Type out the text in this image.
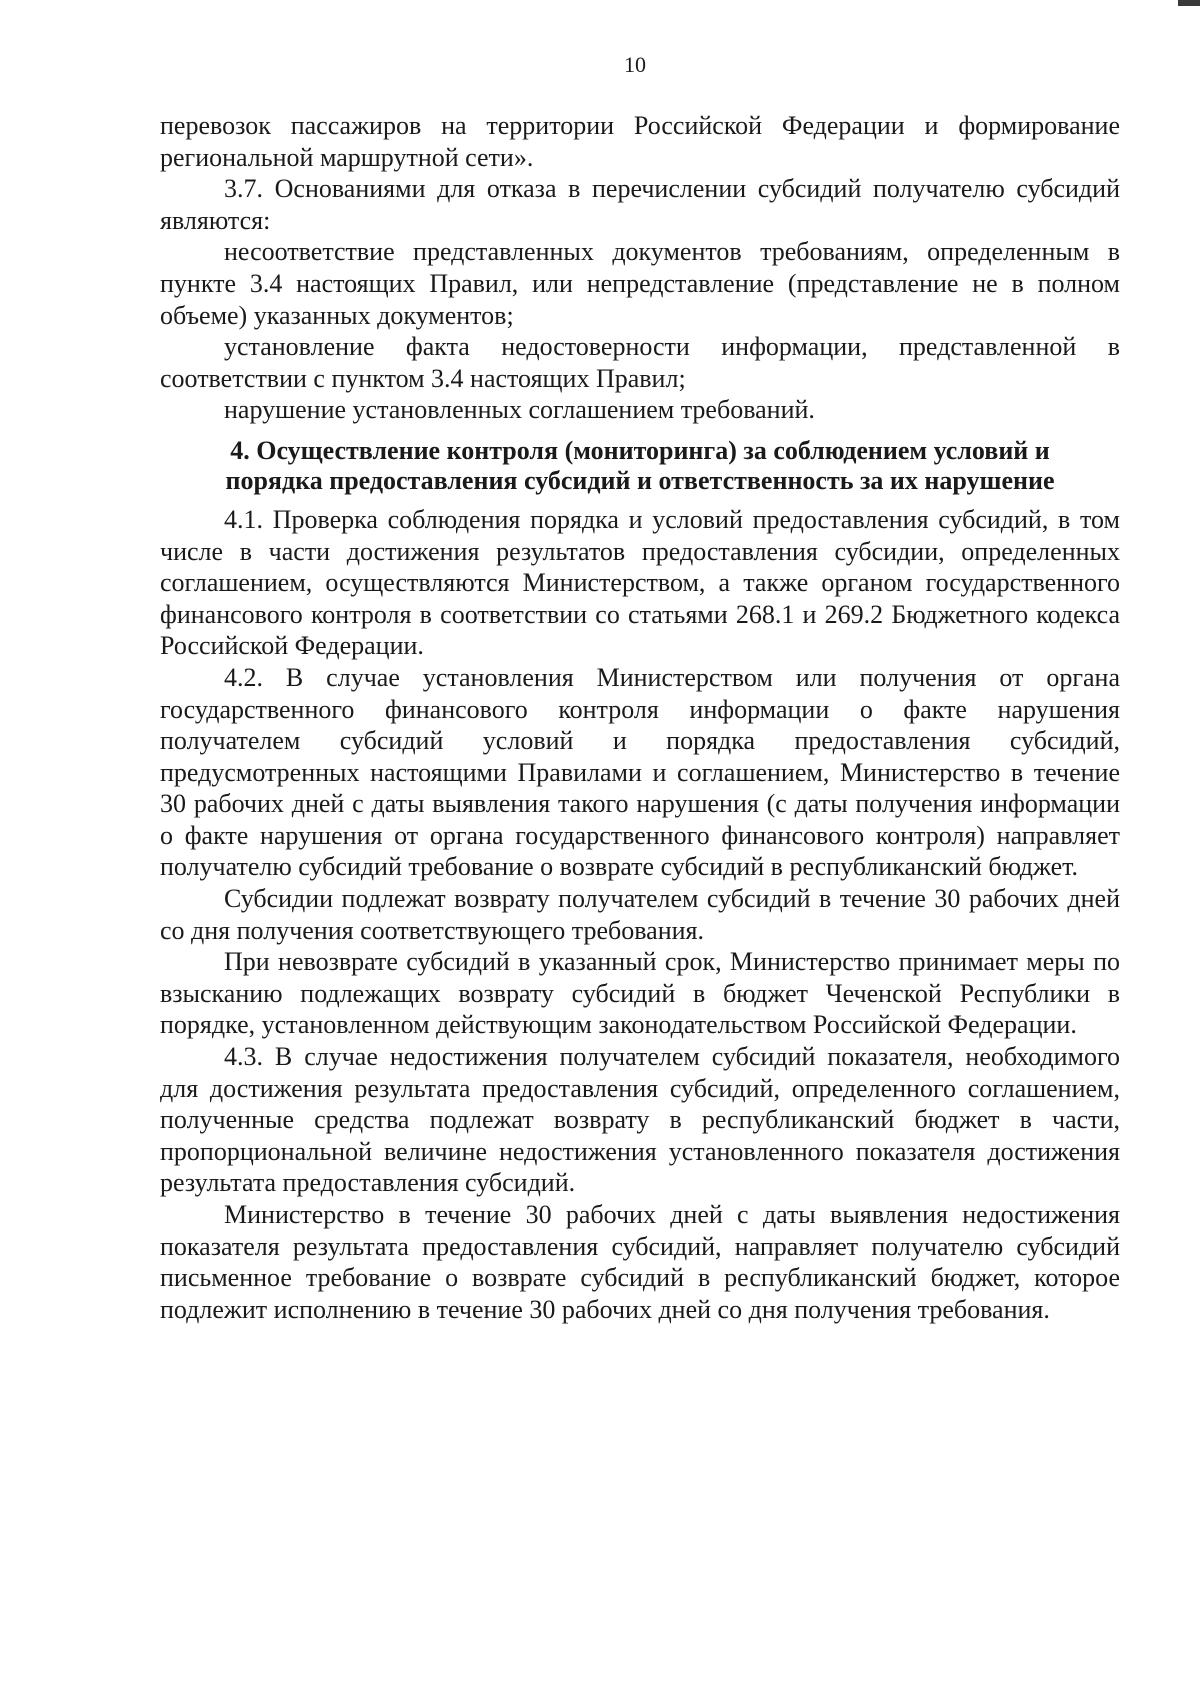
10

перевозок пассажиров на территории Российской Федерации и формирование региональной маршрутной сети».

3.7. Основаниями для отказа в перечислении субсидий получателю субсидий являются:

несоответствие представленных документов требованиям, определенным в пункте 3.4 настоящих Правил, или непредставление (представление не в полном объеме) указанных документов;

установление факта недостоверности информации, представленной в соответствии с пунктом 3.4 настоящих Правил;

нарушение установленных соглашением требований.

4. Осуществление контроля (мониторинга) за соблюдением условий и
порядка предоставления субсидий и ответственность за их нарушение

4.1. Проверка соблюдения порядка и условий предоставления субсидий, в том числе в части достижения результатов предоставления субсидии, определенных соглашением, осуществляются Министерством, а также органом государственного финансового контроля в соответствии со статьями 268.1 и 269.2 Бюджетного кодекса Российской Федерации.

4.2. В случае установления Министерством или получения от органа государственного финансового контроля информации о факте нарушения получателем субсидий условий и порядка предоставления субсидий, предусмотренных настоящими Правилами и соглашением, Министерство в течение 30 рабочих дней с даты выявления такого нарушения (с даты получения информации о факте нарушения от органа государственного финансового контроля) направляет получателю субсидий требование о возврате субсидий в республиканский бюджет.

Субсидии подлежат возврату получателем субсидий в течение 30 рабочих дней со дня получения соответствующего требования.

При невозврате субсидий в указанный срок, Министерство принимает меры по взысканию подлежащих возврату субсидий в бюджет Чеченской Республики в порядке, установленном действующим законодательством Российской Федерации.

4.3. В случае недостижения получателем субсидий показателя, необходимого для достижения результата предоставления субсидий, определенного соглашением, полученные средства подлежат возврату в республиканский бюджет в части, пропорциональной величине недостижения установленного показателя достижения результата предоставления субсидий.

Министерство в течение 30 рабочих дней с даты выявления недостижения показателя результата предоставления субсидий, направляет получателю субсидий письменное требование о возврате субсидий в республиканский бюджет, которое подлежит исполнению в течение 30 рабочих дней со дня получения требования.
